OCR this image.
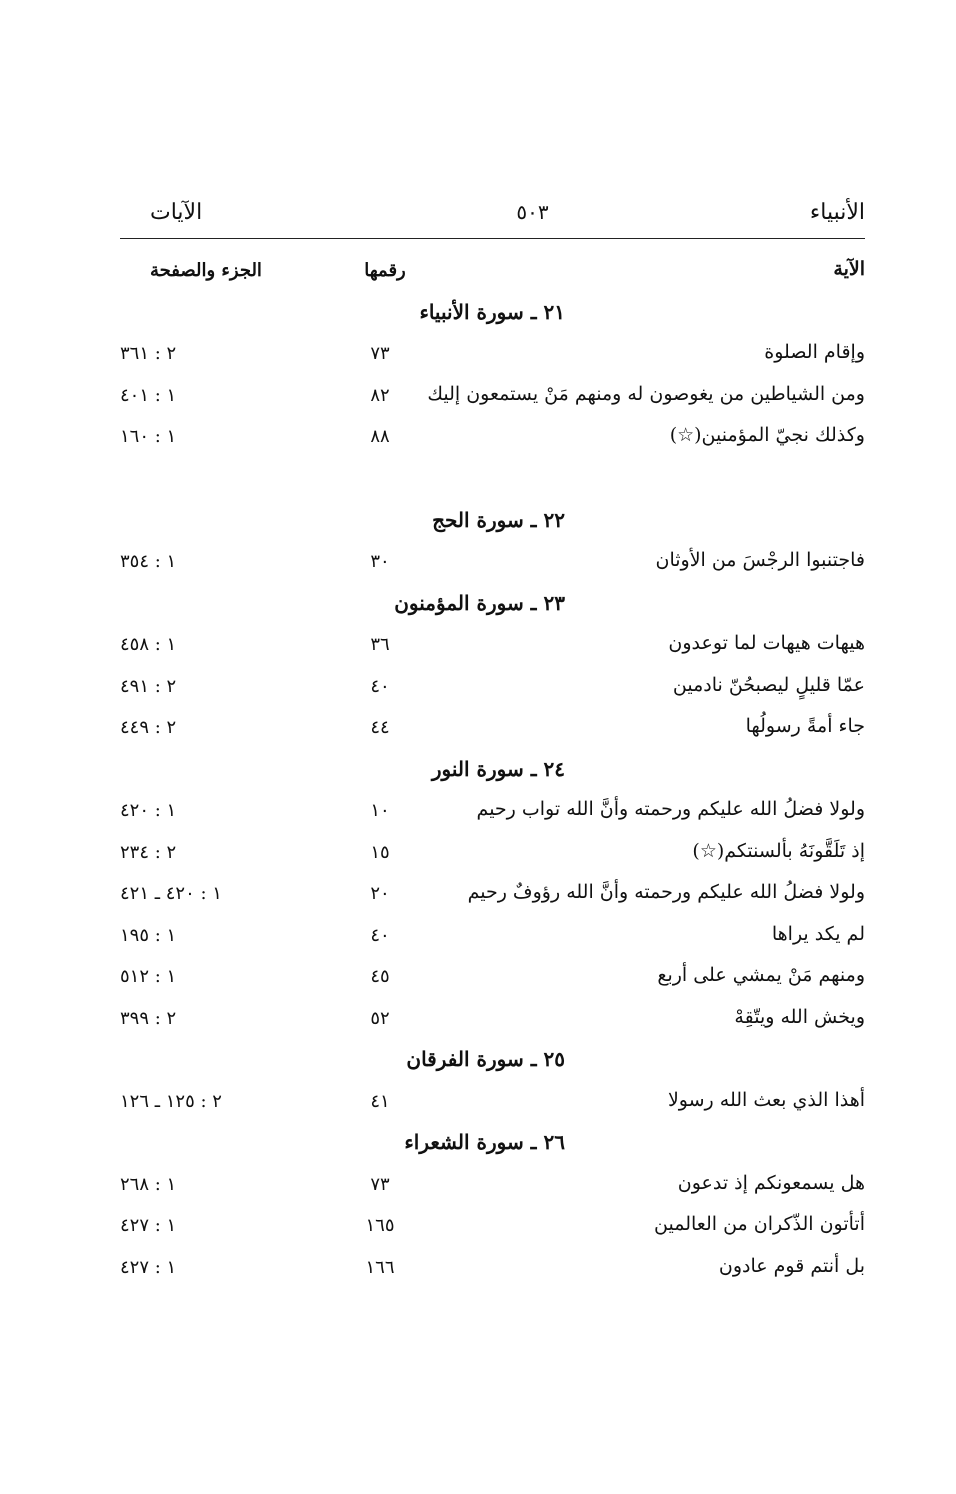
الأنبياء
٥٠٣
الآيات
الآية
رقمها
الجزء والصفحة
٢١ ـ سورة الأنبياء
وإقام الصلوة
٧٣
٢ : ٣٦١
ومن الشياطين من يغوصون له ومنهم مَنْ يستمعون إليك
٨٢
١ : ٤٠١
وكذلك نجيّ المؤمنين(☆)
٨٨
١ : ١٦٠
٢٢ ـ سورة الحج
فاجتنبوا الرجْسَ من الأوثان
٣٠
١ : ٣٥٤
٢٣ ـ سورة المؤمنون
هيهات هيهات لما توعدون
٣٦
١ : ٤٥٨
عمّا قليلٍ ليصبحُنّ نادمين
٤٠
٢ : ٤٩١
جاء أمةً رسولُها
٤٤
٢ : ٤٤٩
٢٤ ـ سورة النور
ولولا فضلُ الله عليكم ورحمته وأنَّ الله تواب رحيم
١٠
١ : ٤٢٠
إذ تَلَقَّونَهُ بألسنتكم(☆)
١٥
٢ : ٢٣٤
ولولا فضلُ الله عليكم ورحمته وأنَّ الله رؤوفٌ رحيم
٢٠
١ : ٤٢٠ ـ ٤٢١
لم يكد يراها
٤٠
١ : ١٩٥
ومنهم مَنْ يمشي على أربع
٤٥
١ : ٥١٢
ويخش الله ويتّقِهْ
٥٢
٢ : ٣٩٩
٢٥ ـ سورة الفرقان
أهذا الذي بعث الله رسولا
٤١
٢ : ١٢٥ ـ ١٢٦
٢٦ ـ سورة الشعراء
هل يسمعونكم إذ تدعون
٧٣
١ : ٢٦٨
أتأتون الذّكران من العالمين
١٦٥
١ : ٤٢٧
بل أنتم قوم عادون
١٦٦
١ : ٤٢٧
